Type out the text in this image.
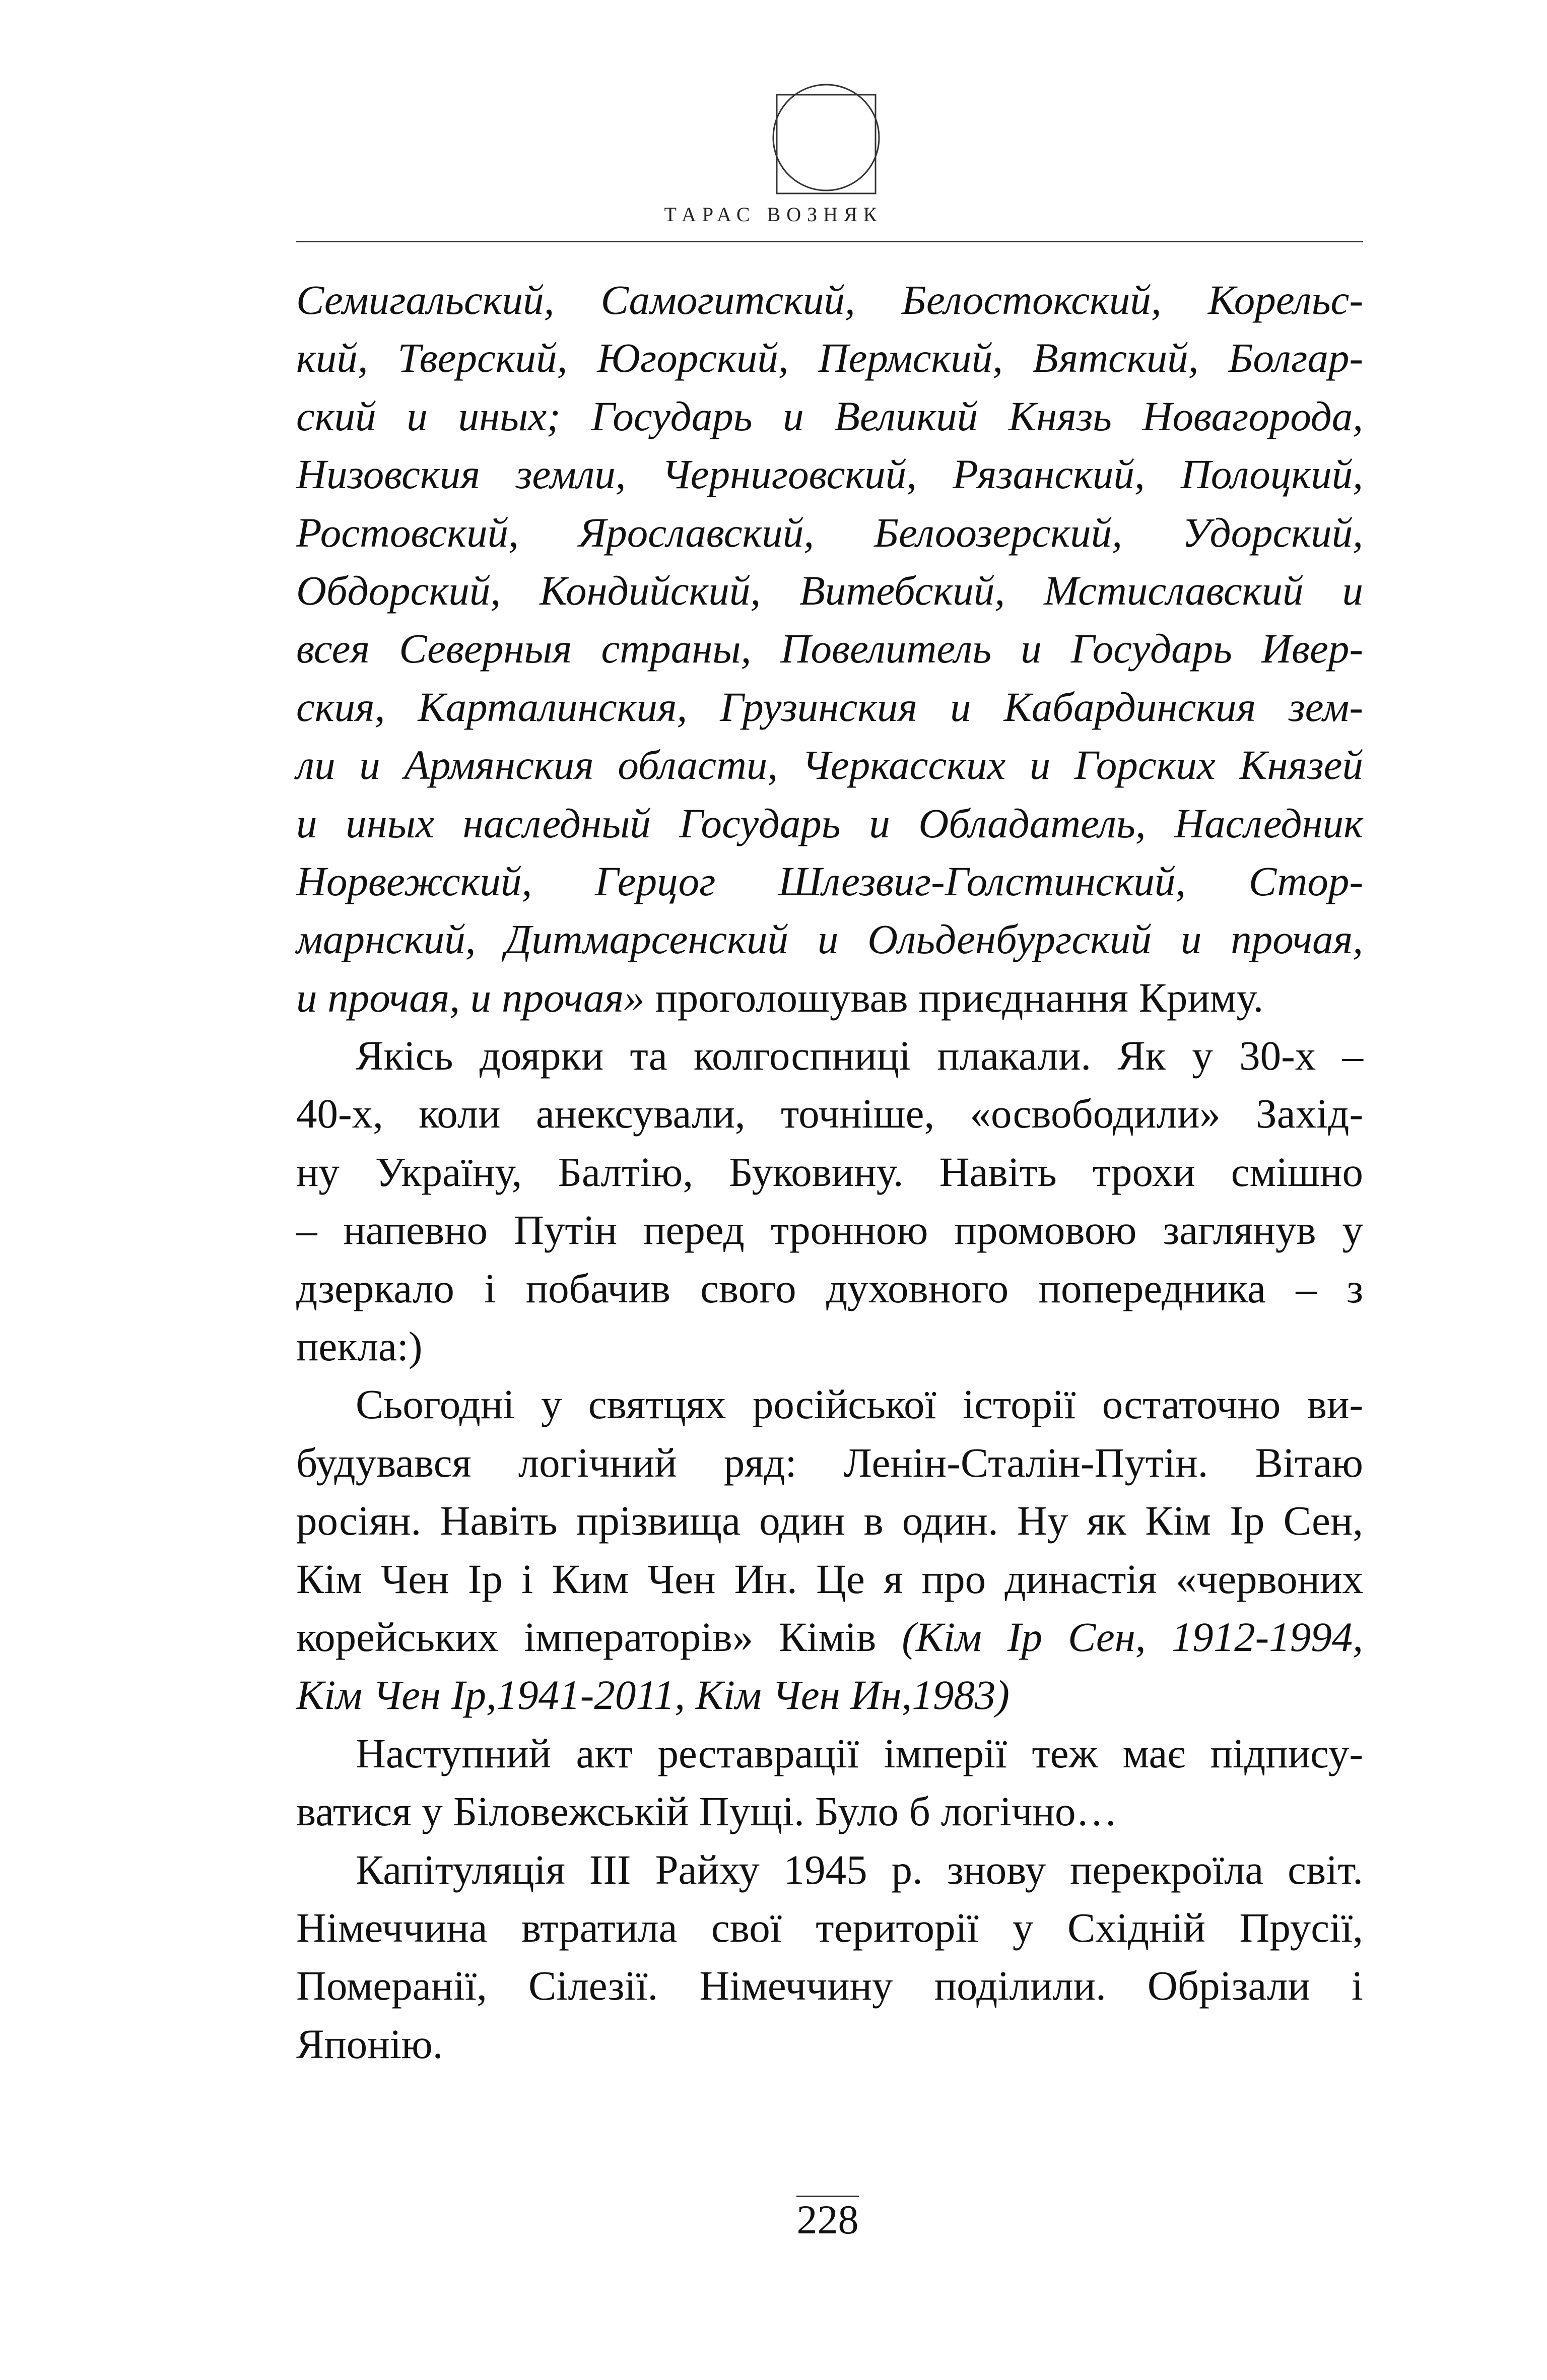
ТАРАС ВОЗНЯК
Семигальский, Самогитский, Белостокский, Корельс-
кий, Тверский, Югорский, Пермский, Вятский, Болгар-
ский и иных; Государь и Великий Князь Новагорода,
Низовския земли, Черниговский, Рязанский, Полоцкий,
Ростовский, Ярославский, Белоозерский, Удорский,
Обдорский, Кондийский, Витебский, Мстиславский и
всея Северныя страны, Повелитель и Государь Ивер-
ския, Карталинския, Грузинския и Кабардинския зем-
ли и Армянския области, Черкасских и Горских Князей
и иных наследный Государь и Обладатель, Наследник
Норвежский, Герцог Шлезвиг-Голстинский, Стор-
марнский, Дитмарсенский и Ольденбургский и прочая,
и прочая, и прочая» проголошував приєднання Криму.
Якісь доярки та колгоспниці плакали. Як у 30-х –
40-х, коли анексували, точніше, «освободили» Захід-
ну Україну, Балтію, Буковину. Навіть трохи смішно
– напевно Путін перед тронною промовою заглянув у
дзеркало і побачив свого духовного попередника – з
пекла:)
Сьогодні у святцях російської історії остаточно ви-
будувався логічний ряд: Ленін-Сталін-Путін. Вітаю
росіян. Навіть прізвища один в один. Ну як Кім Ір Сен,
Кім Чен Ір і Ким Чен Ин. Це я про династія «червоних
корейських імператорів» Кімів (Кім Ір Сен, 1912-1994,
Кім Чен Ір,1941-2011, Кім Чен Ин,1983)
Наступний акт реставрації імперії теж має підпису-
ватися у Біловежській Пущі. Було б логічно…
Капітуляція ІІІ Райху 1945 р. знову перекроїла світ.
Німеччина втратила свої території у Східній Прусії,
Померанії, Сілезії. Німеччину поділили. Обрізали і
Японію.
228
